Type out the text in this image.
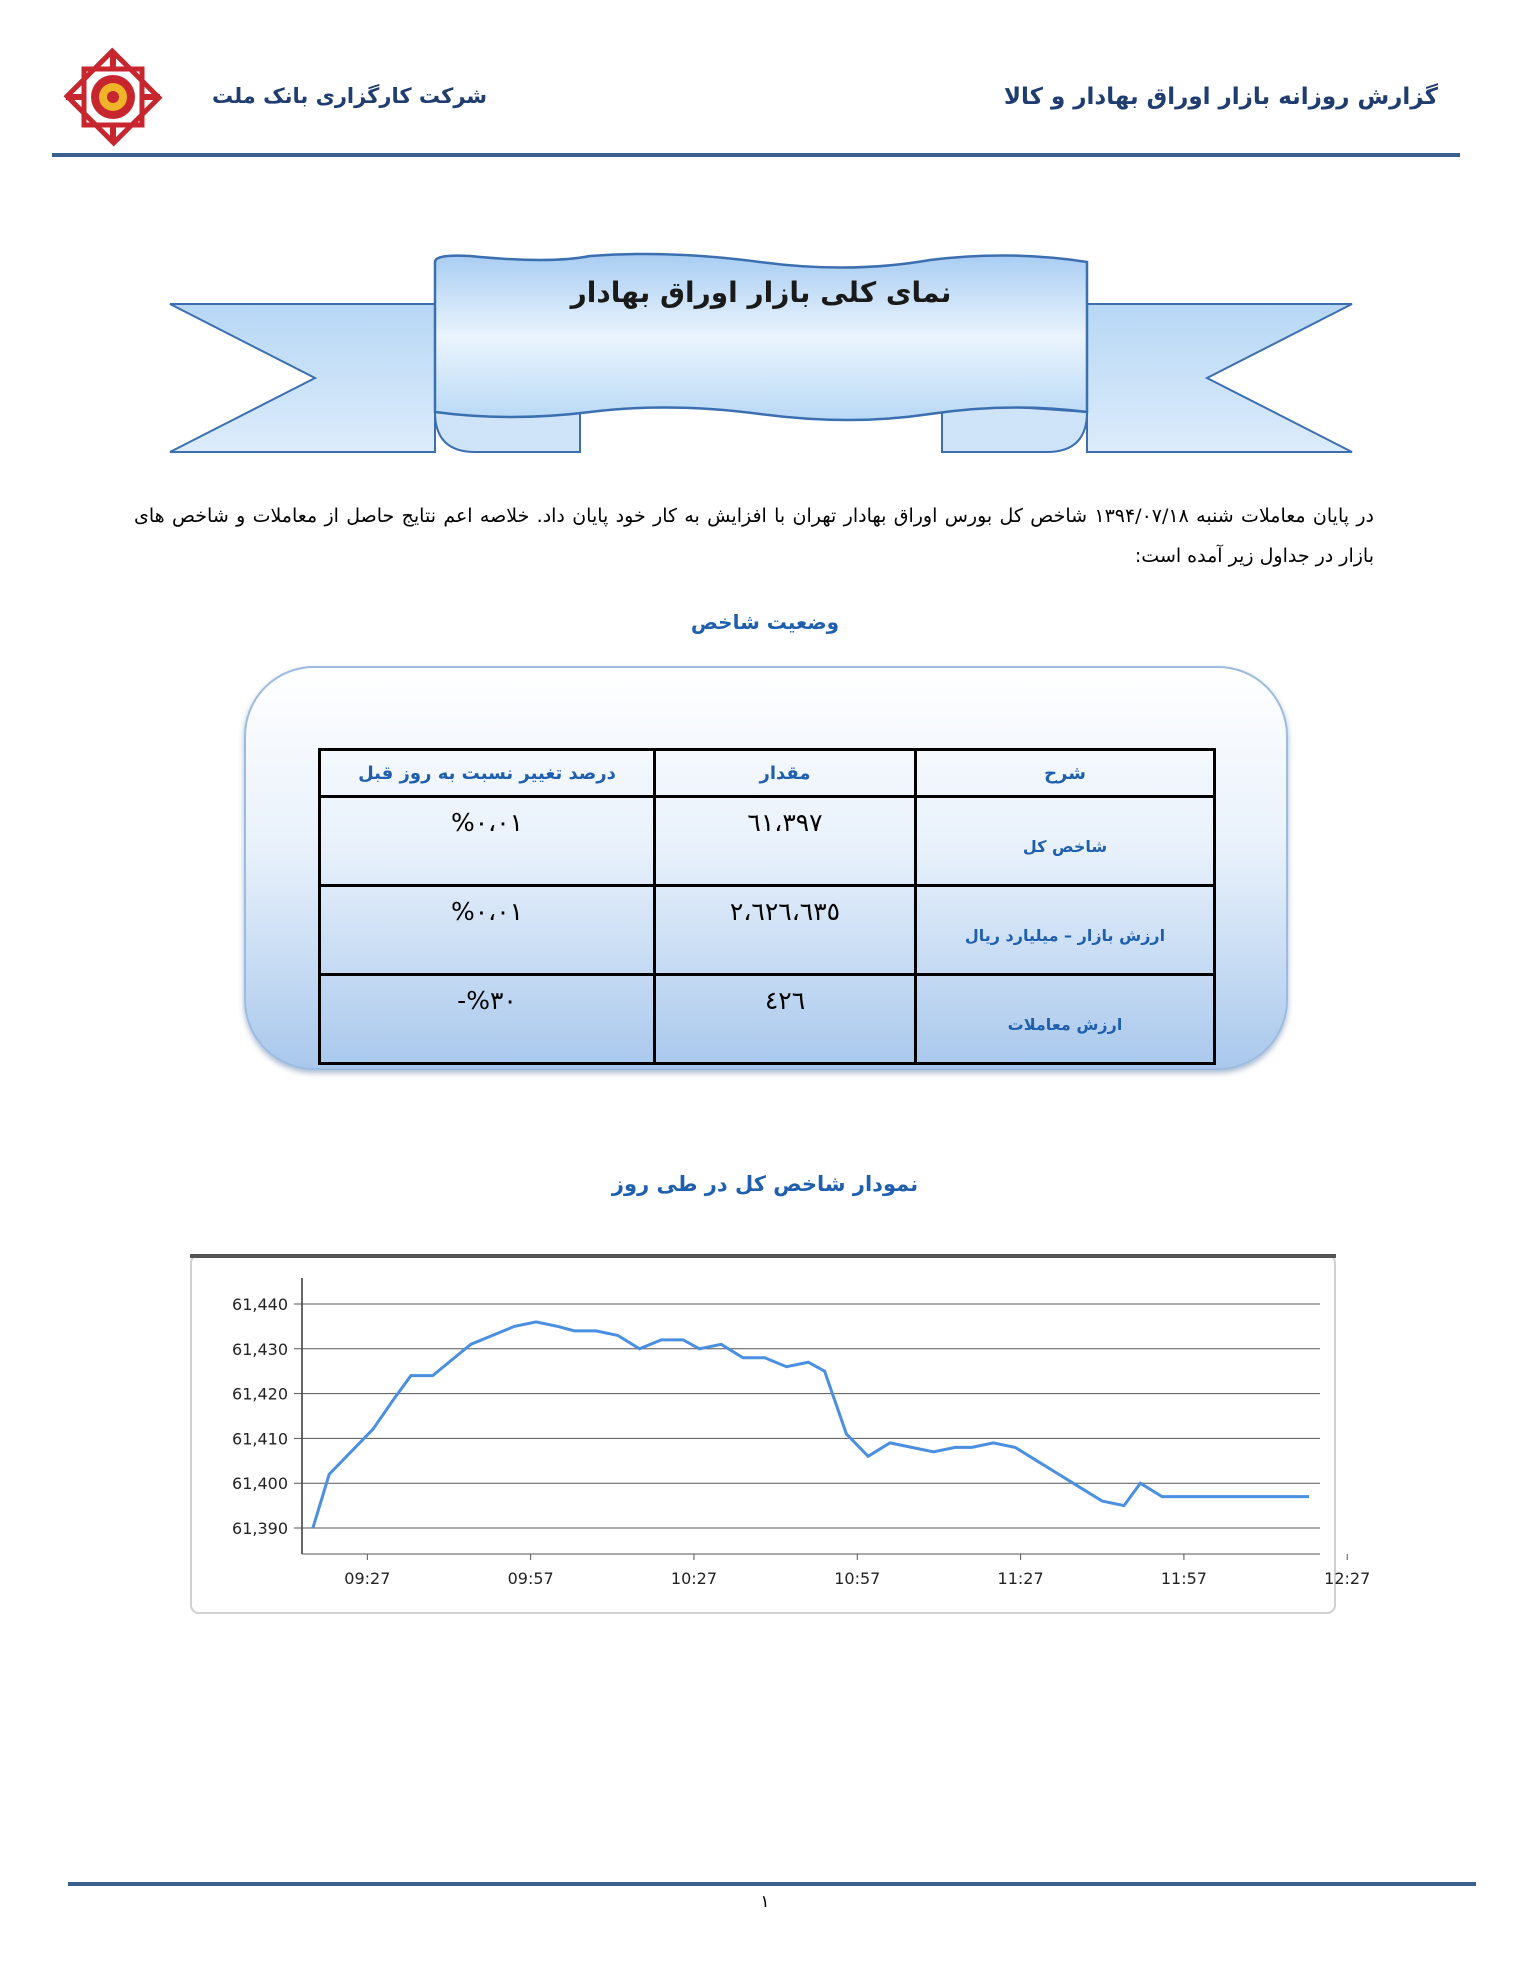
گزارش روزانه بازار اوراق بهادار و کالا
شرکت کارگزاری بانک ملت
نمای کلی بازار اوراق بهادار
در پایان معاملات شنبه ۱۳۹۴/۰۷/۱۸ شاخص کل بورس اوراق بهادار تهران با افزایش به کار خود پایان داد. خلاصه اعم نتایج حاصل از معاملات و شاخص های بازار در جداول زیر آمده است:
وضعیت شاخص
شرح	مقدار	درصد تغییر نسبت به روز قبل
شاخص کل	٦١،٣٩٧	%٠،٠١
ارزش بازار – میلیارد ریال	٢،٦٢٦،٦٣٥	%٠،٠١
ارزش معاملات	٤٢٦	-%٣٠
نمودار شاخص کل در طی روز
61,390
61,400
61,410
61,420
61,430
61,440
09:27	09:57	10:27	10:57	11:27	11:57	12:27
١
